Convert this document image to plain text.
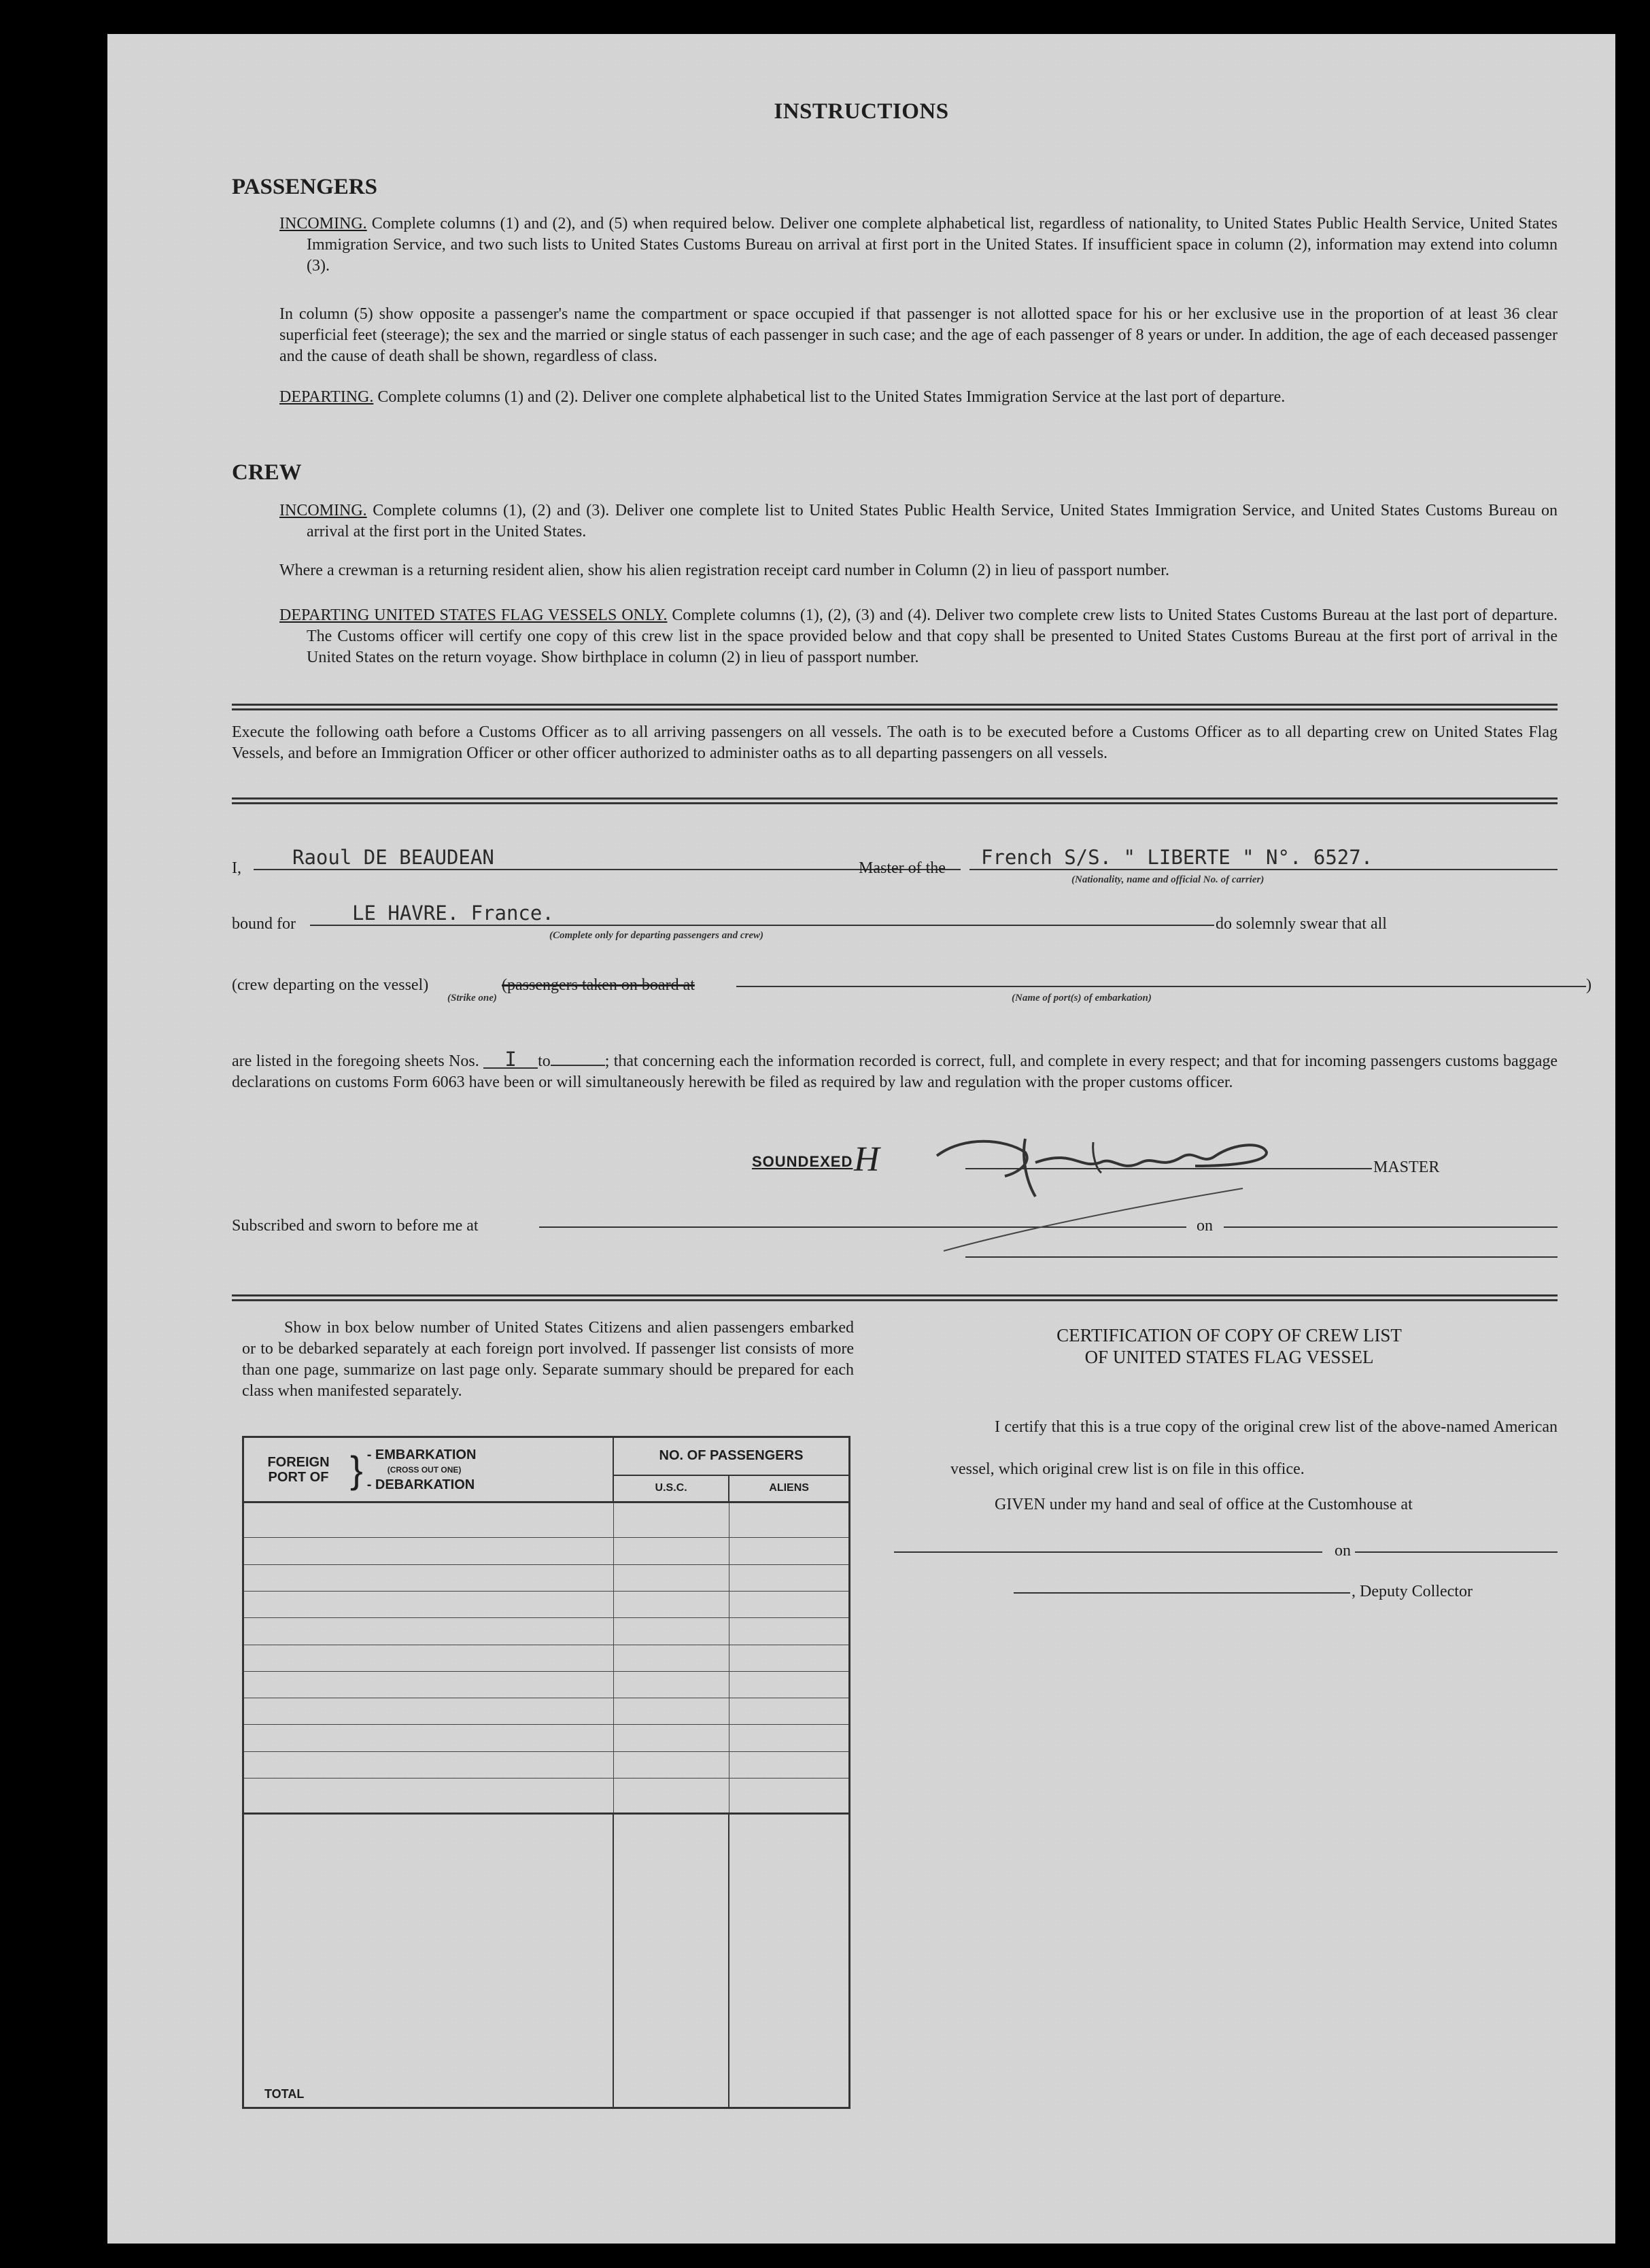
INSTRUCTIONS
PASSENGERS
INCOMING. Complete columns (1) and (2), and (5) when required below. Deliver one complete alphabetical list, regardless of nationality, to United States Public Health Service, United States Immigration Service, and two such lists to United States Customs Bureau on arrival at first port in the United States. If insufficient space in column (2), information may extend into column (3).
In column (5) show opposite a passenger's name the compartment or space occupied if that passenger is not allotted space for his or her exclusive use in the proportion of at least 36 clear superficial feet (steerage); the sex and the married or single status of each passenger in such case; and the age of each passenger of 8 years or under. In addition, the age of each deceased passenger and the cause of death shall be shown, regardless of class.
DEPARTING. Complete columns (1) and (2). Deliver one complete alphabetical list to the United States Immigration Service at the last port of departure.
CREW
INCOMING. Complete columns (1), (2) and (3). Deliver one complete list to United States Public Health Service, United States Immigration Service, and United States Customs Bureau on arrival at the first port in the United States.
Where a crewman is a returning resident alien, show his alien registration receipt card number in Column (2) in lieu of passport number.
DEPARTING UNITED STATES FLAG VESSELS ONLY. Complete columns (1), (2), (3) and (4). Deliver two complete crew lists to United States Customs Bureau at the last port of departure. The Customs officer will certify one copy of this crew list in the space provided below and that copy shall be presented to United States Customs Bureau at the first port of arrival in the United States on the return voyage. Show birthplace in column (2) in lieu of passport number.
Execute the following oath before a Customs Officer as to all arriving passengers on all vessels. The oath is to be executed before a Customs Officer as to all departing crew on United States Flag Vessels, and before an Immigration Officer or other officer authorized to administer oaths as to all departing passengers on all vessels.
I,	Raoul DE BEAUDEAN	Master of the French S/S. " LIBERTE " N°. 6527.
(Nationality, name and official No. of carrier)
bound for	LE HAVRE. France.
(Complete only for departing passengers and crew)
do solemnly swear that all
(crew departing on the vessel)	(passengers taken on board at	)
(Strike one)	(Name of port(s) of embarkation)
are listed in the foregoing sheets Nos. I to	; that concerning each the information recorded is correct, full, and complete in every respect; and that for incoming passengers customs baggage declarations on customs Form 6063 have been or will simultaneously herewith be filed as required by law and regulation with the proper customs officer.
SOUNDEXED H	MASTER
Subscribed and sworn to before me at	on
Show in box below number of United States Citizens and alien passengers embarked or to be debarked separately at each foreign port involved. If passenger list consists of more than one page, summarize on last page only. Separate summary should be prepared for each class when manifested separately.
FOREIGN PORT OF } - EMBARKATION
(CROSS OUT ONE)
- DEBARKATION	NO. OF PASSENGERS	
	U.S.C.	ALIENS

TOTAL		
CERTIFICATION OF COPY OF CREW LIST
OF UNITED STATES FLAG VESSEL
I certify that this is a true copy of the original crew list of the above-named American vessel, which original crew list is on file in this office.
GIVEN under my hand and seal of office at the Customhouse at
on
, Deputy Collector
